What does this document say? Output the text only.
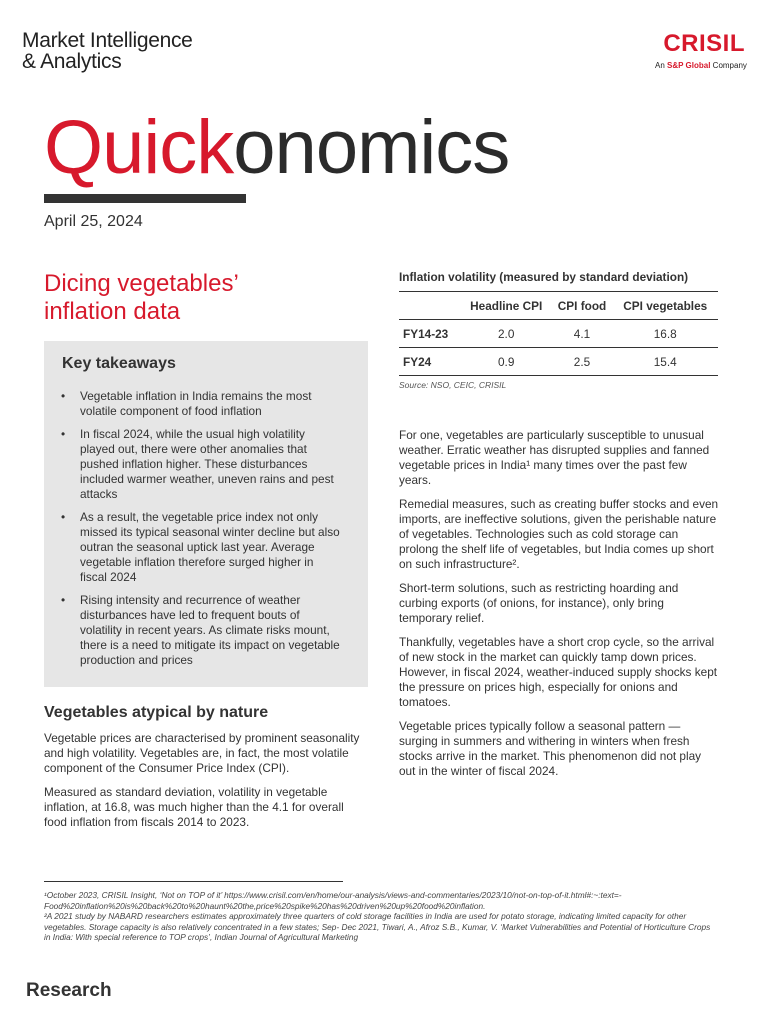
Market Intelligence
& Analytics
CRISIL
An S&P Global Company
Quickonomics
April 25, 2024
Dicing vegetables’
inflation data
Key takeaways
• Vegetable inflation in India remains the most volatile component of food inflation
• In fiscal 2024, while the usual high volatility played out, there were other anomalies that pushed inflation higher. These disturbances included warmer weather, uneven rains and pest attacks
• As a result, the vegetable price index not only missed its typical seasonal winter decline but also outran the seasonal uptick last year. Average vegetable inflation therefore surged higher in fiscal 2024
• Rising intensity and recurrence of weather disturbances have led to frequent bouts of volatility in recent years. As climate risks mount, there is a need to mitigate its impact on vegetable production and prices
Vegetables atypical by nature

Vegetable prices are characterised by prominent seasonality and high volatility. Vegetables are, in fact, the most volatile component of the Consumer Price Index (CPI).

Measured as standard deviation, volatility in vegetable inflation, at 16.8, was much higher than the 4.1 for overall food inflation from fiscals 2014 to 2023.

Inflation volatility (measured by standard deviation)
	Headline CPI	CPI food	CPI vegetables
FY14-23	2.0	4.1	16.8
FY24	0.9	2.5	15.4
Source: NSO, CEIC, CRISIL

For one, vegetables are particularly susceptible to unusual weather. Erratic weather has disrupted supplies and fanned vegetable prices in India¹ many times over the past few years.

Remedial measures, such as creating buffer stocks and even imports, are ineffective solutions, given the perishable nature of vegetables. Technologies such as cold storage can prolong the shelf life of vegetables, but India comes up short on such infrastructure².

Short-term solutions, such as restricting hoarding and curbing exports (of onions, for instance), only bring temporary relief.

Thankfully, vegetables have a short crop cycle, so the arrival of new stock in the market can quickly tamp down prices. However, in fiscal 2024, weather-induced supply shocks kept the pressure on prices high, especially for onions and tomatoes.

Vegetable prices typically follow a seasonal pattern — surging in summers and withering in winters when fresh stocks arrive in the market. This phenomenon did not play out in the winter of fiscal 2024.

¹October 2023, CRISIL Insight, ‘Not on TOP of it’ https://www.crisil.com/en/home/our-analysis/views-and-commentaries/2023/10/not-on-top-of-it.html#:~:text=-Food%20inflation%20is%20back%20to%20haunt%20the,price%20spike%20has%20driven%20up%20food%20inflation.

²A 2021 study by NABARD researchers estimates approximately three quarters of cold storage facilities in India are used for potato storage, indicating limited capacity for other vegetables. Storage capacity is also relatively concentrated in a few states; Sep- Dec 2021, Tiwari, A., Afroz S.B., Kumar, V. ‘Market Vulnerabilities and Potential of Horticulture Crops in India: With special reference to TOP crops’, Indian Journal of Agricultural Marketing

Research
